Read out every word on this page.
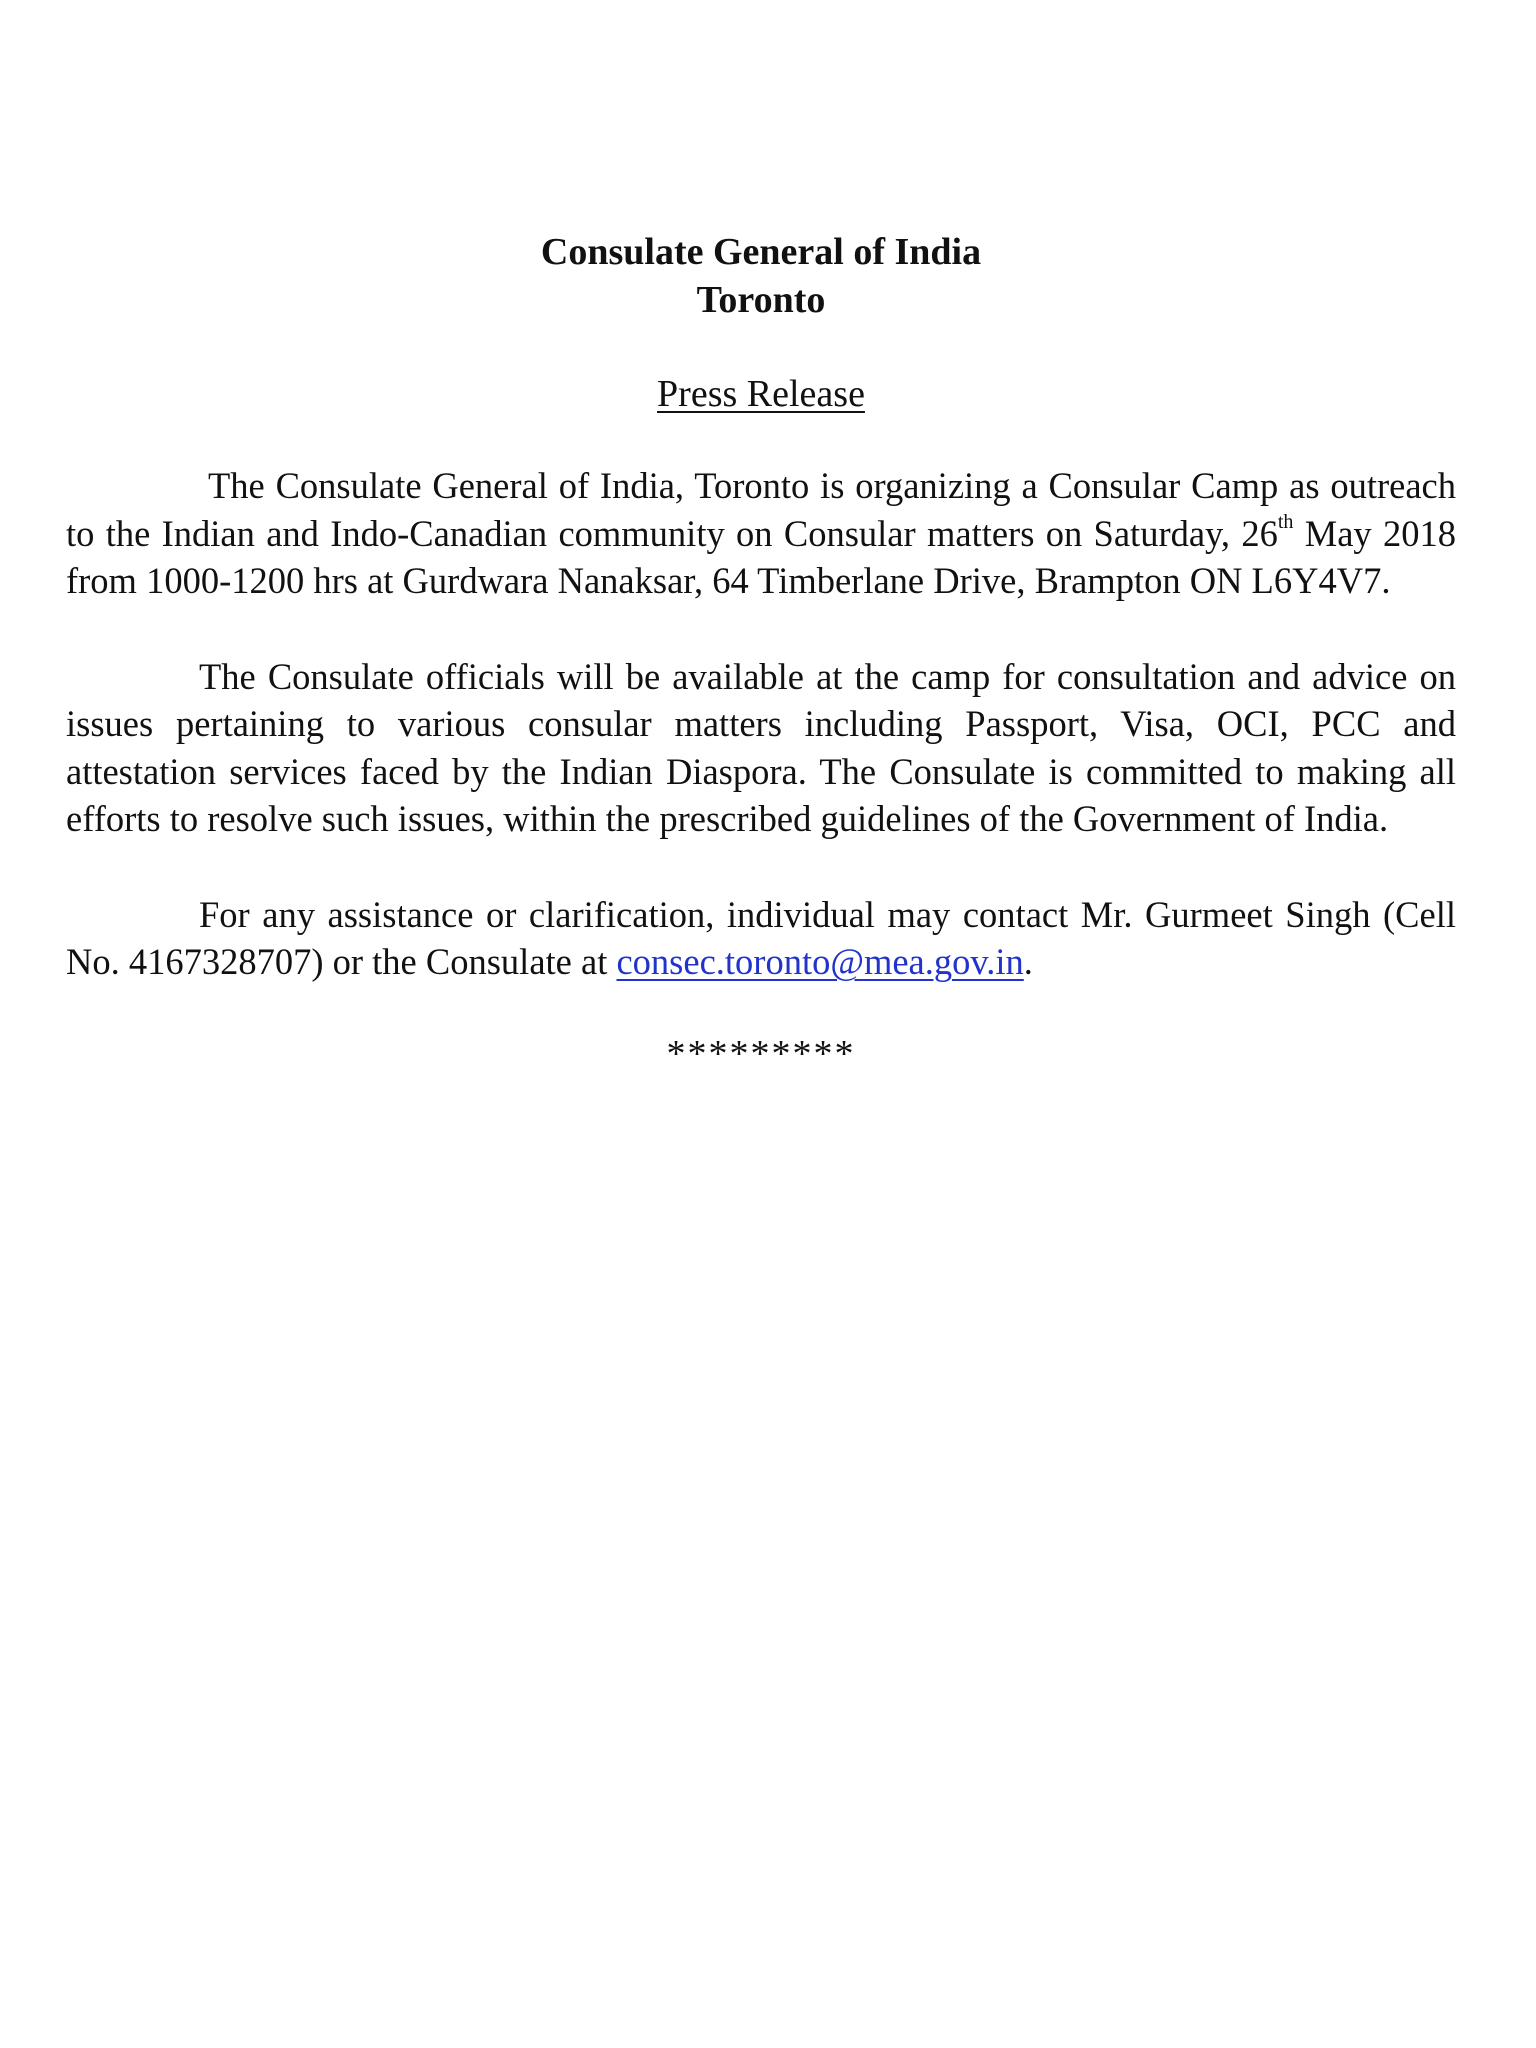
Consulate General of India

Toronto

Press Release

The Consulate General of India, Toronto is organizing a Consular Camp as outreach to the Indian and Indo-Canadian community on Consular matters on Saturday, 26th May 2018 from 1000-1200 hrs at Gurdwara Nanaksar, 64 Timberlane Drive, Brampton ON L6Y4V7.

The Consulate officials will be available at the camp for consultation and advice on issues pertaining to various consular matters including Passport, Visa, OCI, PCC and attestation services faced by the Indian Diaspora. The Consulate is committed to making all efforts to resolve such issues, within the prescribed guidelines of the Government of India.

For any assistance or clarification, individual may contact Mr. Gurmeet Singh (Cell No. 4167328707) or the Consulate at consec.toronto@mea.gov.in.

*********
